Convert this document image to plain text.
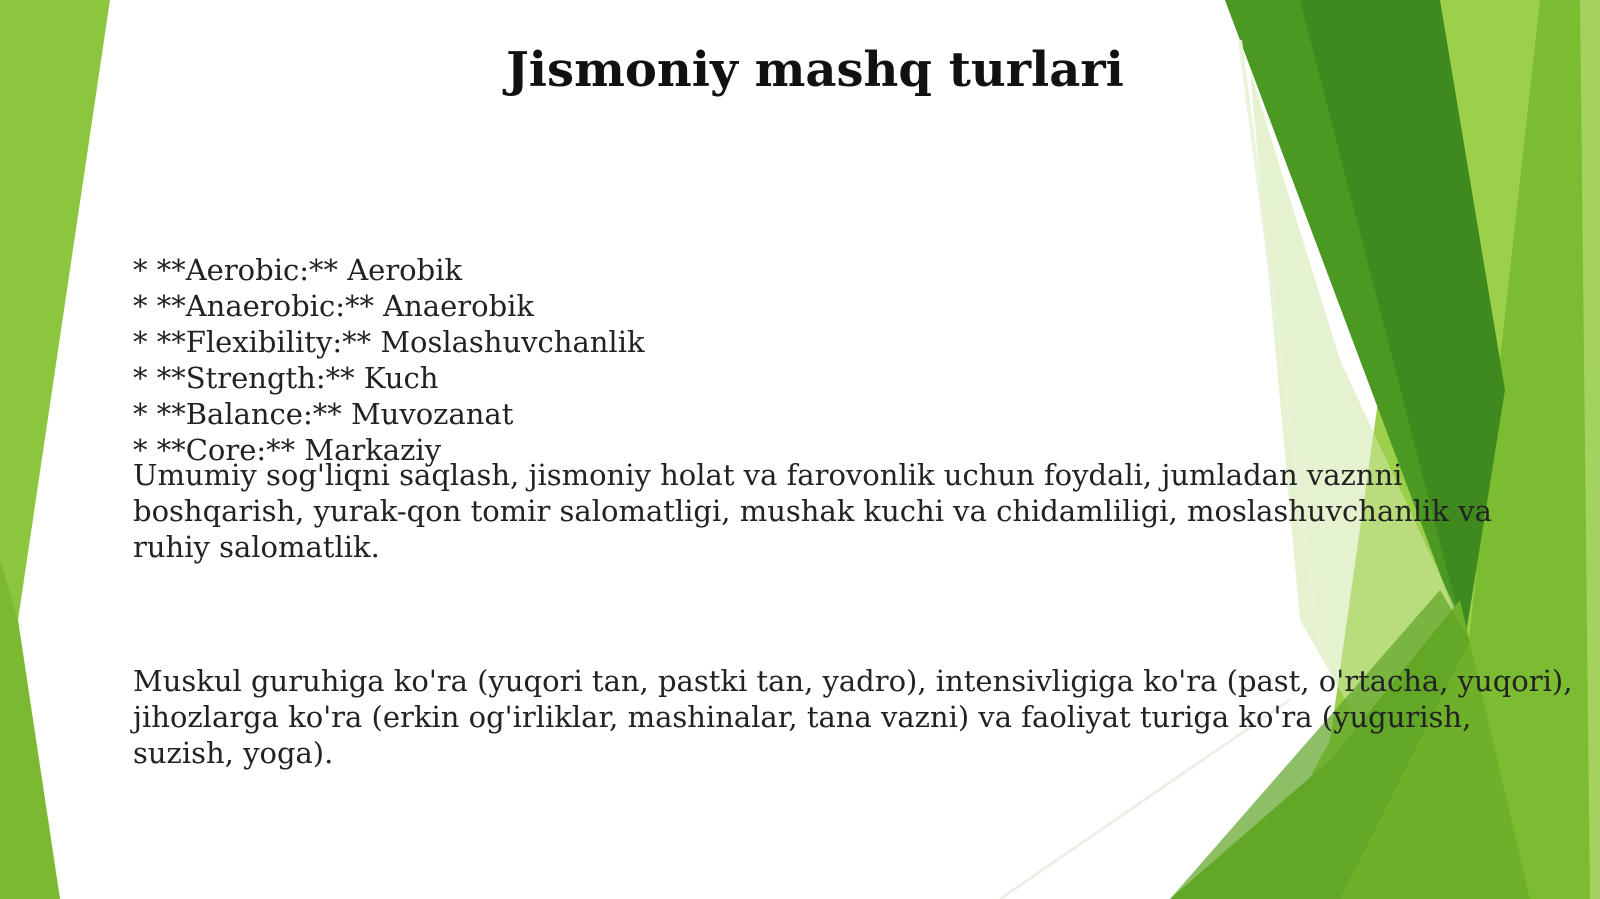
Jismoniy mashq turlari
* **Aerobic:** Aerobik
* **Anaerobic:** Anaerobik
* **Flexibility:** Moslashuvchanlik
* **Strength:** Kuch
* **Balance:** Muvozanat
* **Core:** Markaziy

Umumiy sog'liqni saqlash, jismoniy holat va farovonlik uchun foydali, jumladan vaznni boshqarish, yurak-qon tomir salomatligi, mushak kuchi va chidamliligi, moslashuvchanlik va ruhiy salomatlik.

Muskul guruhiga ko'ra (yuqori tan, pastki tan, yadro), intensivligiga ko'ra (past, o'rtacha, yuqori), jihozlarga ko'ra (erkin og'irliklar, mashinalar, tana vazni) va faoliyat turiga ko'ra (yugurish, suzish, yoga).
